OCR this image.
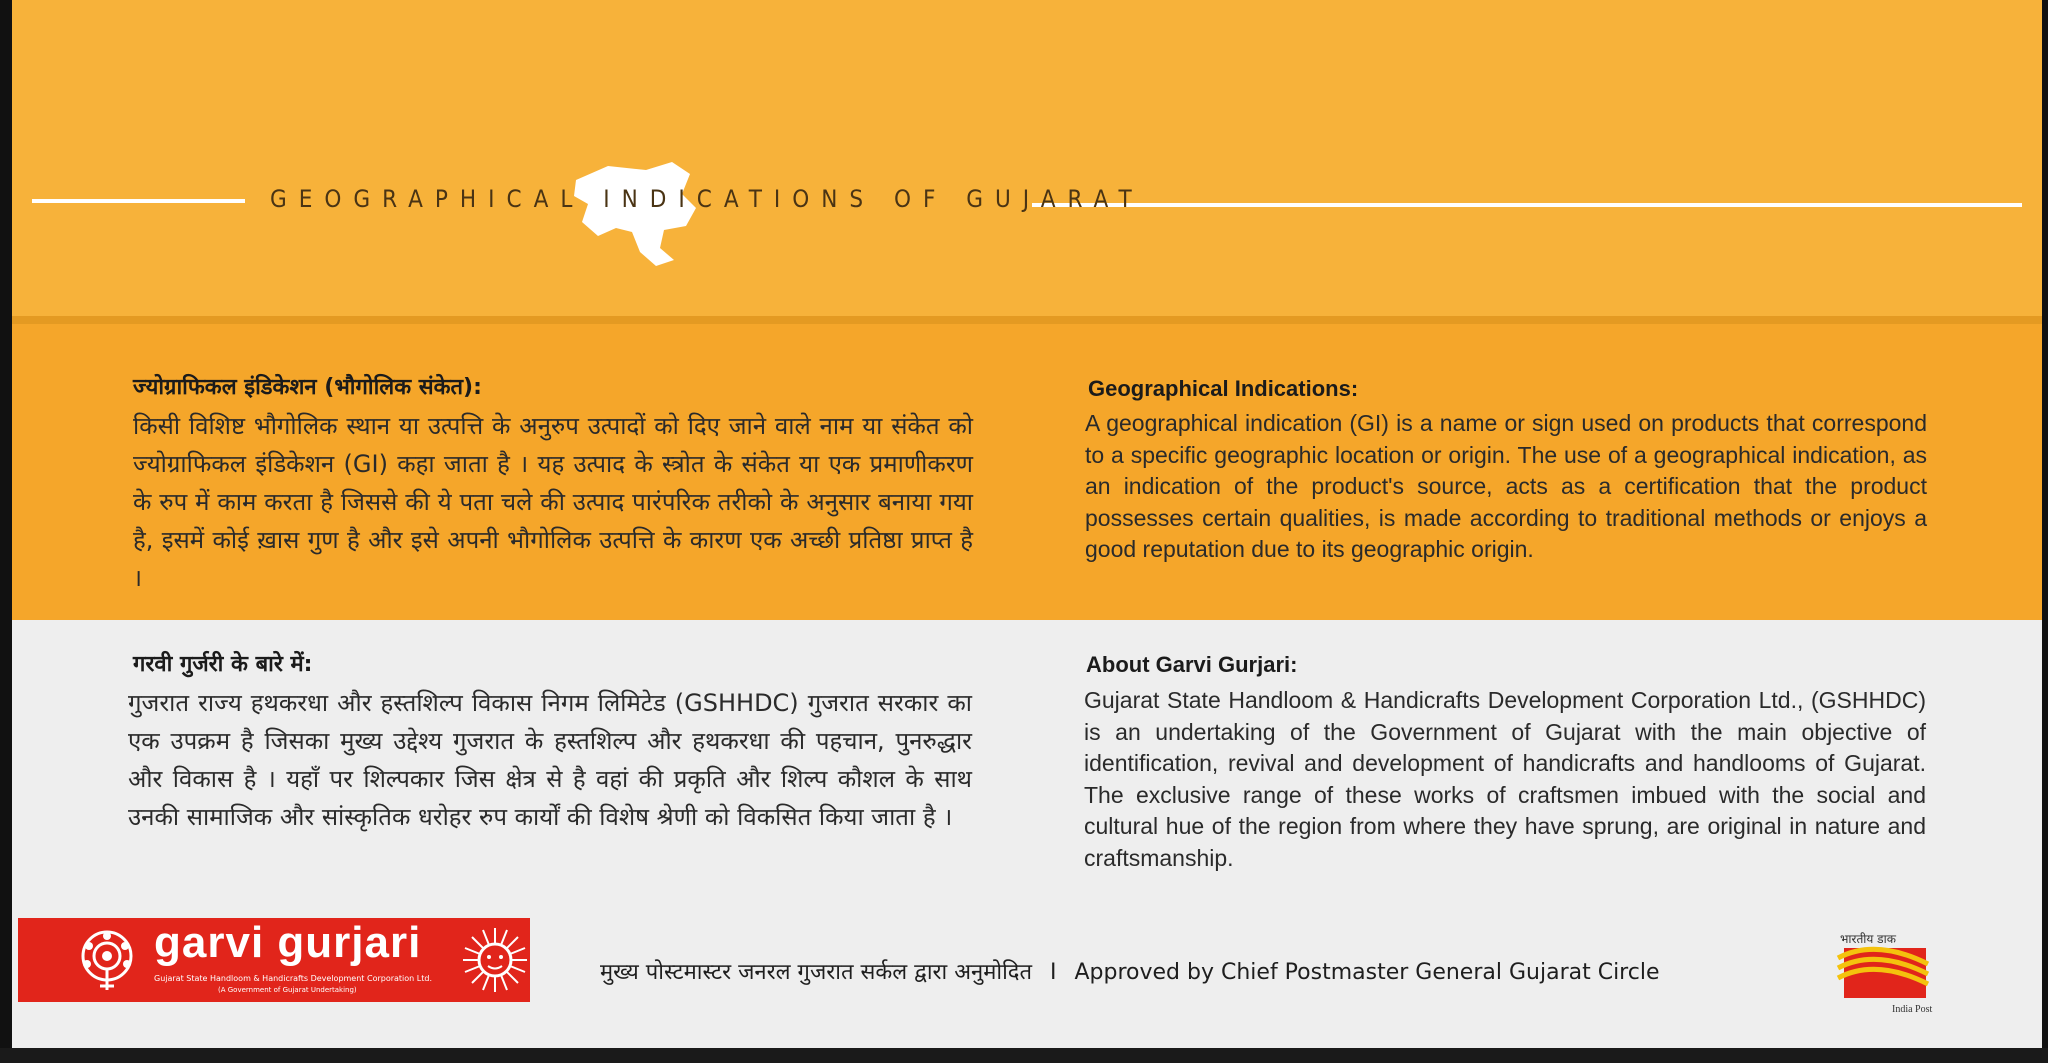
GEOGRAPHICAL INDICATIONS OF GUJARAT
ज्योग्राफिकल इंडिकेशन (भौगोलिक संकेत):

किसी विशिष्ट भौगोलिक स्थान या उत्पत्ति के अनुरुप उत्पादों को दिए जाने वाले नाम या संकेत को ज्योग्राफिकल इंडिकेशन (GI) कहा जाता है । यह उत्पाद के स्त्रोत के संकेत या एक प्रमाणीकरण के रुप में काम करता है जिससे की ये पता चले की उत्पाद पारंपरिक तरीको के अनुसार बनाया गया है, इसमें कोई ख़ास गुण है और इसे अपनी भौगोलिक उत्पत्ति के कारण एक अच्छी प्रतिष्ठा प्राप्त है ।

Geographical Indications:

A geographical indication (GI) is a name or sign used on products that correspond to a specific geographic location or origin. The use of a geographical indication, as an indication of the product's source, acts as a certification that the product possesses certain qualities, is made according to traditional methods or enjoys a good reputation due to its geographic origin.

गरवी गुर्जरी के बारे में:

गुजरात राज्य हथकरधा और हस्तशिल्प विकास निगम लिमिटेड (GSHHDC) गुजरात सरकार का एक उपक्रम है जिसका मुख्य उद्देश्य गुजरात के हस्तशिल्प और हथकरधा की पहचान, पुनरुद्धार और विकास है । यहाँ पर शिल्पकार जिस क्षेत्र से है वहां की प्रकृति और शिल्प कौशल के साथ उनकी सामाजिक और सांस्कृतिक धरोहर रुप कार्यों की विशेष श्रेणी को विकसित किया जाता है ।

About Garvi Gurjari:

Gujarat State Handloom & Handicrafts Development Corporation Ltd., (GSHHDC) is an undertaking of the Government of Gujarat with the main objective of identification, revival and development of handicrafts and handlooms of Gujarat. The exclusive range of these works of craftsmen imbued with the social and cultural hue of the region from where they have sprung, are original in nature and craftsmanship.

garvi gurjari
Gujarat State Handloom & Handicrafts Development Corporation Ltd.
(A Government of Gujarat Undertaking)
मुख्य पोस्टमास्टर जनरल गुजरात सर्कल द्वारा अनुमोदित I Approved by Chief Postmaster General Gujarat Circle
भारतीय डाक
India Post
